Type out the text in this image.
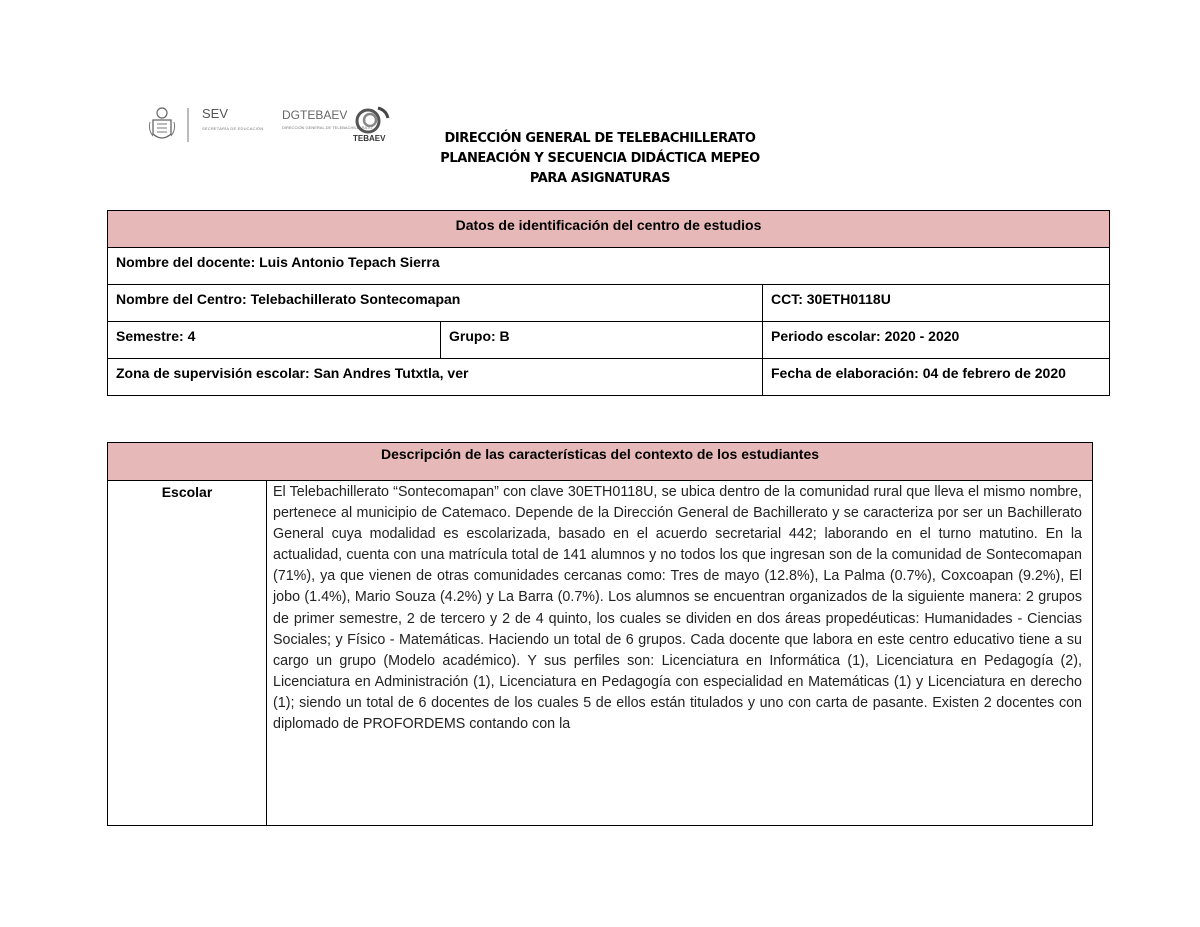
SEV
SECRETARÍA DE EDUCACIÓN
DGTEBAEV
DIRECCIÓN GENERAL DE TELEBACHILLERATO
TEBAEV	DIRECCIÓN GENERAL DE TELEBACHILLERATO
PLANEACIÓN Y SECUENCIA DIDÁCTICA MEPEO
PARA ASIGNATURAS
Datos de identificación del centro de estudios		
Nombre del docente: Luis Antonio Tepach Sierra		
Nombre del Centro: Telebachillerato Sontecomapan		CCT: 30ETH0118U
Semestre: 4	Grupo: B	Periodo escolar: 2020 - 2020
Zona de supervisión escolar: San Andres Tutxtla, ver		Fecha de elaboración: 04 de febrero de 2020
Descripción de las características del contexto de los estudiantes
Escolar	El Telebachillerato “Sontecomapan” con clave 30ETH0118U, se ubica dentro de la comunidad rural que lleva el mismo nombre, pertenece al municipio de Catemaco. Depende de la Dirección General de Bachillerato y se caracteriza por ser un Bachillerato General cuya modalidad es escolarizada, basado en el acuerdo secretarial 442; laborando en el turno matutino. En la actualidad, cuenta con una matrícula total de 141 alumnos y no todos los que ingresan son de la comunidad de Sontecomapan (71%), ya que vienen de otras comunidades cercanas como: Tres de mayo (12.8%), La Palma (0.7%), Coxcoapan (9.2%), El jobo (1.4%), Mario Souza (4.2%) y La Barra (0.7%). Los alumnos se encuentran organizados de la siguiente manera: 2 grupos de primer semestre, 2 de tercero y 2 de 4 quinto, los cuales se dividen en dos áreas propedéuticas: Humanidades - Ciencias Sociales; y Físico - Matemáticas. Haciendo un total de 6 grupos. Cada docente que labora en este centro educativo tiene a su cargo un grupo (Modelo académico). Y sus perfiles son: Licenciatura en Informática (1), Licenciatura en Pedagogía (2), Licenciatura en Administración (1), Licenciatura en Pedagogía con especialidad en Matemáticas (1) y Licenciatura en derecho (1); siendo un total de 6 docentes de los cuales 5 de ellos están titulados y uno con carta de pasante. Existen 2 docentes con diplomado de PROFORDEMS contando con la
